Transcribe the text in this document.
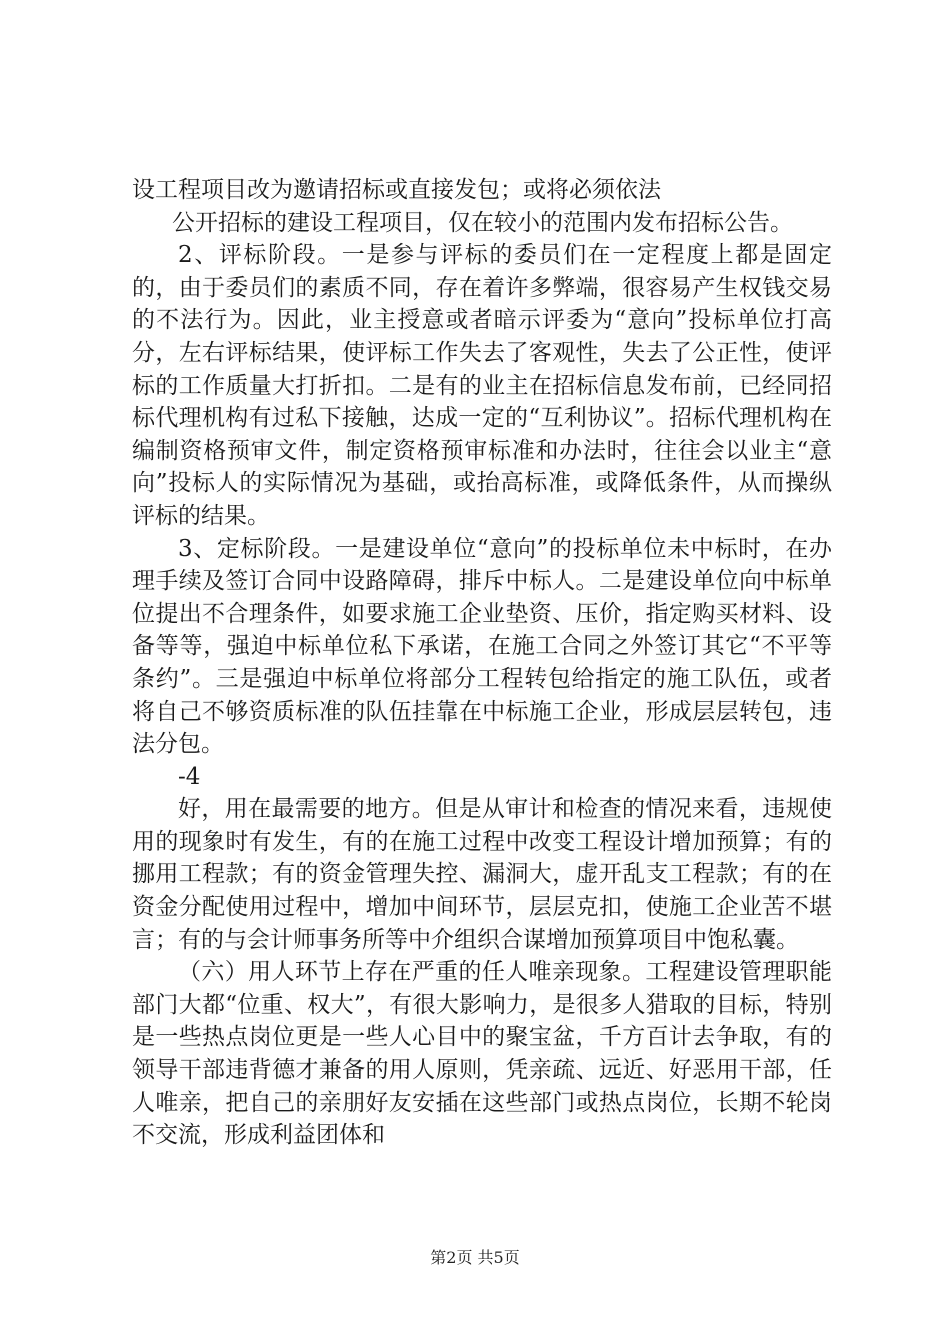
设工程项目改为邀请招标或直接发包；或将必须依法

公开招标的建设工程项目，仅在较小的范围内发布招标公告。

2、评标阶段。一是参与评标的委员们在一定程度上都是固定的，由于委员们的素质不同，存在着许多弊端，很容易产生权钱交易的不法行为。因此，业主授意或者暗示评委为“意向”投标单位打高分，左右评标结果，使评标工作失去了客观性，失去了公正性，使评标的工作质量大打折扣。二是有的业主在招标信息发布前，已经同招标代理机构有过私下接触，达成一定的“互利协议”。招标代理机构在编制资格预审文件，制定资格预审标准和办法时，往往会以业主“意向”投标人的实际情况为基础，或抬高标准，或降低条件，从而操纵评标的结果。

3、定标阶段。一是建设单位“意向”的投标单位未中标时，在办理手续及签订合同中设路障碍，排斥中标人。二是建设单位向中标单位提出不合理条件，如要求施工企业垫资、压价，指定购买材料、设备等等，强迫中标单位私下承诺，在施工合同之外签订其它“不平等条约”。三是强迫中标单位将部分工程转包给指定的施工队伍，或者将自己不够资质标准的队伍挂靠在中标施工企业，形成层层转包，违法分包。

-4

好，用在最需要的地方。但是从审计和检查的情况来看，违规使用的现象时有发生，有的在施工过程中改变工程设计增加预算；有的挪用工程款；有的资金管理失控、漏洞大，虚开乱支工程款；有的在资金分配使用过程中，增加中间环节，层层克扣，使施工企业苦不堪言；有的与会计师事务所等中介组织合谋增加预算项目中饱私囊。

（六）用人环节上存在严重的任人唯亲现象。工程建设管理职能部门大都“位重、权大”，有很大影响力，是很多人猎取的目标，特别是一些热点岗位更是一些人心目中的聚宝盆，千方百计去争取，有的领导干部违背德才兼备的用人原则，凭亲疏、远近、好恶用干部，任人唯亲，把自己的亲朋好友安插在这些部门或热点岗位，长期不轮岗不交流，形成利益团体和

第2页 共5页
